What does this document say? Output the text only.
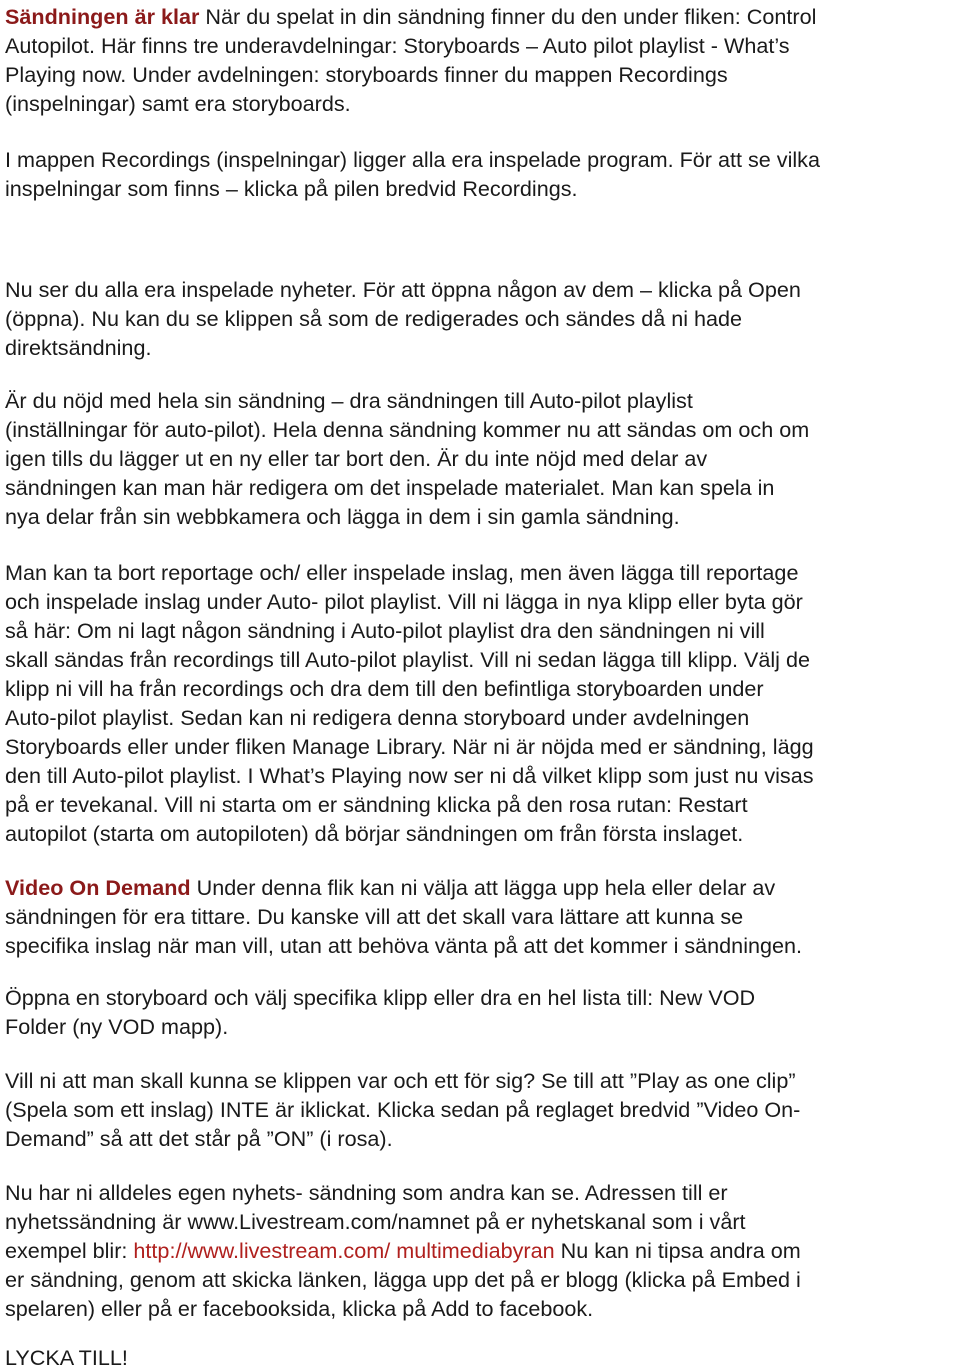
Sändningen är klar När du spelat in din sändning finner du den under fliken: Control
Autopilot. Här finns tre underavdelningar: Storyboards – Auto pilot playlist - What’s
Playing now. Under avdelningen: storyboards finner du mappen Recordings
(inspelningar) samt era storyboards.

I mappen Recordings (inspelningar) ligger alla era inspelade program. För att se vilka
inspelningar som finns – klicka på pilen bredvid Recordings.

Nu ser du alla era inspelade nyheter. För att öppna någon av dem – klicka på Open
(öppna). Nu kan du se klippen så som de redigerades och sändes då ni hade
direktsändning.

Är du nöjd med hela sin sändning – dra sändningen till Auto-pilot playlist
(inställningar för auto-pilot). Hela denna sändning kommer nu att sändas om och om
igen tills du lägger ut en ny eller tar bort den. Är du inte nöjd med delar av
sändningen kan man här redigera om det inspelade materialet. Man kan spela in
nya delar från sin webbkamera och lägga in dem i sin gamla sändning.

Man kan ta bort reportage och/ eller inspelade inslag, men även lägga till reportage
och inspelade inslag under Auto- pilot playlist. Vill ni lägga in nya klipp eller byta gör
så här: Om ni lagt någon sändning i Auto-pilot playlist dra den sändningen ni vill
skall sändas från recordings till Auto-pilot playlist. Vill ni sedan lägga till klipp. Välj de
klipp ni vill ha från recordings och dra dem till den befintliga storyboarden under
Auto-pilot playlist. Sedan kan ni redigera denna storyboard under avdelningen
Storyboards eller under fliken Manage Library. När ni är nöjda med er sändning, lägg
den till Auto-pilot playlist. I What’s Playing now ser ni då vilket klipp som just nu visas
på er tevekanal. Vill ni starta om er sändning klicka på den rosa rutan: Restart
autopilot (starta om autopiloten) då börjar sändningen om från första inslaget.

Video On Demand Under denna flik kan ni välja att lägga upp hela eller delar av
sändningen för era tittare. Du kanske vill att det skall vara lättare att kunna se
specifika inslag när man vill, utan att behöva vänta på att det kommer i sändningen.

Öppna en storyboard och välj specifika klipp eller dra en hel lista till: New VOD
Folder (ny VOD mapp).

Vill ni att man skall kunna se klippen var och ett för sig? Se till att ”Play as one clip”
(Spela som ett inslag) INTE är iklickat. Klicka sedan på reglaget bredvid ”Video On-
Demand” så att det står på ”ON” (i rosa).

Nu har ni alldeles egen nyhets- sändning som andra kan se. Adressen till er
nyhetssändning är www.Livestream.com/namnet på er nyhetskanal som i vårt
exempel blir: http://www.livestream.com/ multimediabyran Nu kan ni tipsa andra om
er sändning, genom att skicka länken, lägga upp det på er blogg (klicka på Embed i
spelaren) eller på er facebooksida, klicka på Add to facebook.

LYCKA TILL!
